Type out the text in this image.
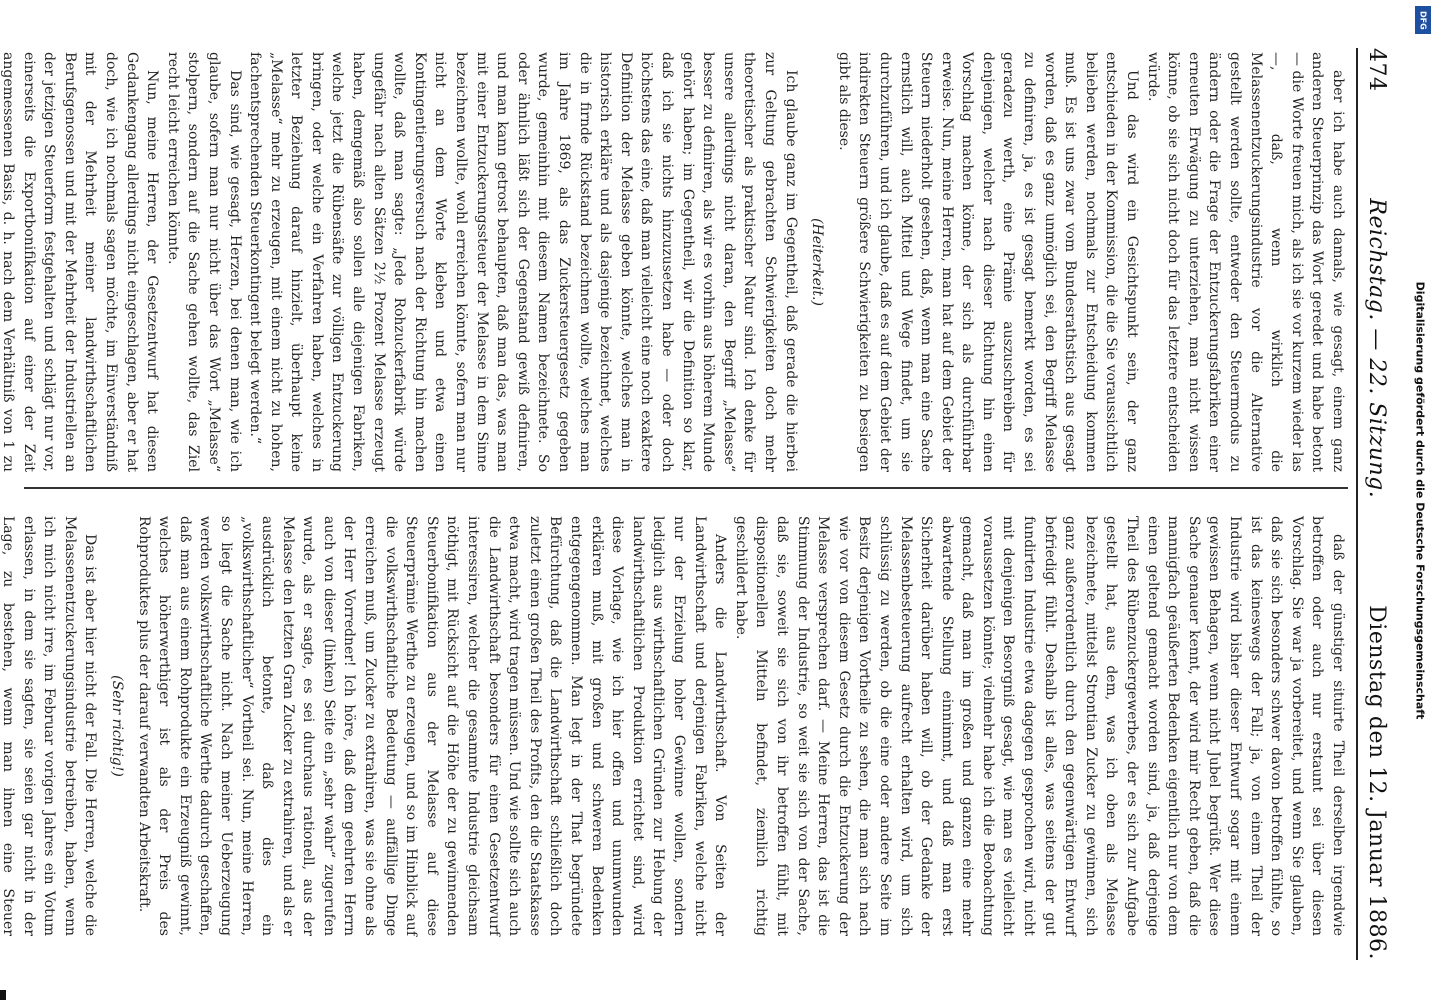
474
Reichstag. — 22. Sitzung.
Dienstag den 12. Januar 1886.

aber ich habe auch damals, wie gesagt, einem ganz anderen Steuerprinzip das Wort geredet und habe betont — die Worte freuen mich, als ich sie vor kurzem wieder las —, daß, wenn wirklich die Melassenentzuckerungsindustrie vor die Alternative gestellt werden sollte, entweder den Steuermodus zu ändern oder die Frage der Entzuckerungsfabriken einer erneuten Erwägung zu unterziehen, man nicht wissen könne, ob sie sich nicht doch für das letztere entscheiden würde.

Und das wird ein Gesichtspunkt sein, der ganz entschieden in der Kommission, die die Sie voraussichtlich belieben werden, nochmals zur Entscheidung kommen muß. Es ist uns zwar vom Bundesrathstisch aus gesagt worden, daß es ganz unmöglich sei, den Begriff Melasse zu definiren, ja, es ist gesagt bemerkt worden, es sei geradezu werth, eine Prämie auszuschreiben für denjenigen, welcher nach dieser Richtung hin einen Vorschlag machen könne, der sich als durchführbar erweise. Nun, meine Herren, man hat auf dem Gebiet der Steuern niederholt gesehen, daß, wenn man eine Sache ernstlich will, auch Mittel und Wege findet, um sie durchzuführen, und ich glaube, daß es auf dem Gebiet der indirekten Steuern größere Schwierigkeiten zu besiegen gibt als diese.

(Heiterkeit.)

Ich glaube ganz im Gegentheil, daß gerade die hierbei zur Geltung gebrachten Schwierigkeiten doch mehr theoretischer als praktischer Natur sind. Ich denke für unsere allerdings nicht daran, den Begriff „Melasse“ besser zu definiren, als wir es vorhin aus höherem Munde gehört haben; im Gegentheil, wir die Definition so klar, daß ich sie nichts hinzuzusetzen habe — oder doch höchstens das eine, daß man vielleicht eine noch exaktere Definition der Melasse geben könnte, welches man in historisch erkläre und als dasjenige bezeichnet, welches die in firnde Rückstand bezeichnen wollte, welches man im Jahre 1869, als das Zuckersteuergesetz gegeben wurde, gemeinhin mit diesem Namen bezeichnete. So oder ähnlich läßt sich der Gegenstand gewiß definiren, und man kann getrost behaupten, daß man das, was man mit einer Entzuckerungssteuer der Melasse in dem Sinne bezeichnen wollte, wohl erreichen könnte, sofern man nur nicht an dem Worte kleben und etwa einen Kontingentierungsversuch nach der Richtung hin machen wollte, daß man sagte: „Jede Rohzuckerfabrik würde ungefähr nach alten Sätzen 2½ Prozent Melasse erzeugt haben, demgemäß also sollen alle diejenigen Fabriken, welche jetzt die Rübensäfte zur völligen Entzuckerung bringen, oder welche ein Verfahren haben, welches in letzter Beziehung darauf hinzielt, überhaupt keine „Melasse“ mehr zu erzeugen, mit einem nicht zu hohen, fachentsprechenden Steuerkontingent belegt werden.“

Das sind, wie gesagt, Herzen, bei denen man, wie ich glaube, sofern man nur nicht über das Wort „Melasse“ stolpern, sondern auf die Sache gehen wollte, das Ziel recht leicht erreichen könnte.

Nun, meine Herren, der Gesetzentwurf hat diesen Gedankengang allerdings nicht eingeschlagen, aber er hat doch, wie ich nochmals sagen möchte, im Einverständniß mit der Mehrheit meiner landwirthschaftlichen Berufsgenossen und mit der Mehrheit der Industriellen an der jetzigen Steuerform festgehalten und schlägt nur vor, einerseits die Exportbonifikation auf einer der Zeit angemessenen Basis, d. h. nach dem Verhältniß von 1 zu

daß der günstiger situirte Theil derselben irgendwie betroffen oder auch nur erstaunt sei über diesen Vorschlag. Sie war ja vorbereitet, und wenn Sie glauben, daß sie sich besonders schwer davon betroffen fühlte, so ist das keineswegs der Fall; ja, von einem Theil der Industrie wird bisher dieser Entwurf sogar mit einem gewissen Behagen, wenn nicht Jubel begrüßt. Wer diese Sache genauer kennt, der wird mir Recht geben, daß die mannigfach geäußerten Bedenken eigentlich nur von dem einen geltend gemacht worden sind, ja, daß derjenige Theil des Rübenzuckergewerbes, der es sich zur Aufgabe gestellt hat, aus dem, was ich oben als Melasse bezeichnete, mittelst Strontian Zucker zu gewinnen, sich ganz außerordentlich durch den gegenwärtigen Entwurf befriedigt fühlt. Deshalb ist alles, was seitens der gut fundirten Industrie etwa dagegen gesprochen wird, nicht mit denjenigen Besorgniß gesagt, wie man es vielleicht voraussetzen könnte; vielmehr habe ich die Beobachtung gemacht, daß man im großen und ganzen eine mehr abwartende Stellung einnimmt, und daß man erst Sicherheit darüber haben will, ob der Gedanke der Melassenbesteuerung aufrecht erhalten wird, um sich schlüssig zu werden, ob die eine oder andere Seite im Besitz derjenigen Vortheile zu sehen, die man sich nach wie vor von diesem Gesetz durch die Entzuckerung der Melasse versprechen darf. — Meine Herren, das ist die Stimmung der Industrie, so weit sie sich von der Sache, daß sie, soweit sie sich von ihr betroffen fühlt, mit dispositionellen Mitteln befindet, ziemlich richtig geschildert habe.

Anders die Landwirthschaft. Von Seiten der Landwirthschaft und derjenigen Fabriken, welche nicht nur der Erzielung hoher Gewinne wollen, sondern lediglich aus wirthschaftlichen Gründen zur Hebung der landwirthschaftlichen Produktion errichtet sind, wird diese Vorlage, wie ich hier offen und unumwunden erklären muß, mit großen und schweren Bedenken entgegengenommen. Man legt in der That begründete Befürchtung, daß die Landwirthschaft schließlich doch zuletzt einen großen Theil des Profits, den die Staatskasse etwa macht, wird tragen müssen. Und wie sollte sich auch die Landwirthschaft besonders für einen Gesetzentwurf interessiren, welcher die gesammte Industrie gleichsam nöthigt, mit Rücksicht auf die Höhe der zu gewinnenden Steuerbonifikation aus der Melasse auf diese Steuerprämie Werthe zu erzeugen, und so im Hinblick auf die volkswirthschaftliche Bedeutung — auffällige Dinge erreichen muß, um Zucker zu extrahiren, was sie ohne als der Herr Vorredner! Ich höre, daß dem geehrten Herrn auch von dieser (linken) Seite ein „sehr wahr“ zugerufen wurde, als er sagte, es sei durchaus rationell, aus der Melasse den letzten Gran Zucker zu extrahiren, und als er ausdrücklich betonte, daß dies ein „volkswirthschaftlicher“ Vortheil sei. Nun, meine Herren, so liegt die Sache nicht. Nach meiner Ueberzeugung werden volkswirthschaftliche Werthe dadurch geschaffen, daß man aus einem Rohprodukte ein Erzeugniß gewinnt, welches höherwerthiger ist als der Preis des Rohproduktes plus der darauf verwandten Arbeitskraft.

(Sehr richtig!)

Das ist aber hier nicht der Fall. Die Herren, welche die Melassenentzuckerungsindustrie betreiben, haben, wenn ich mich nicht irre, im Februar vorigen Jahres ein Votum erlassen, in dem sie sagten, sie seien gar nicht in der Lage, zu bestehen, wenn man ihnen eine Steuer

Digitalisierung gefördert durch die Deutsche Forschungsgemeinschaft
DFG
